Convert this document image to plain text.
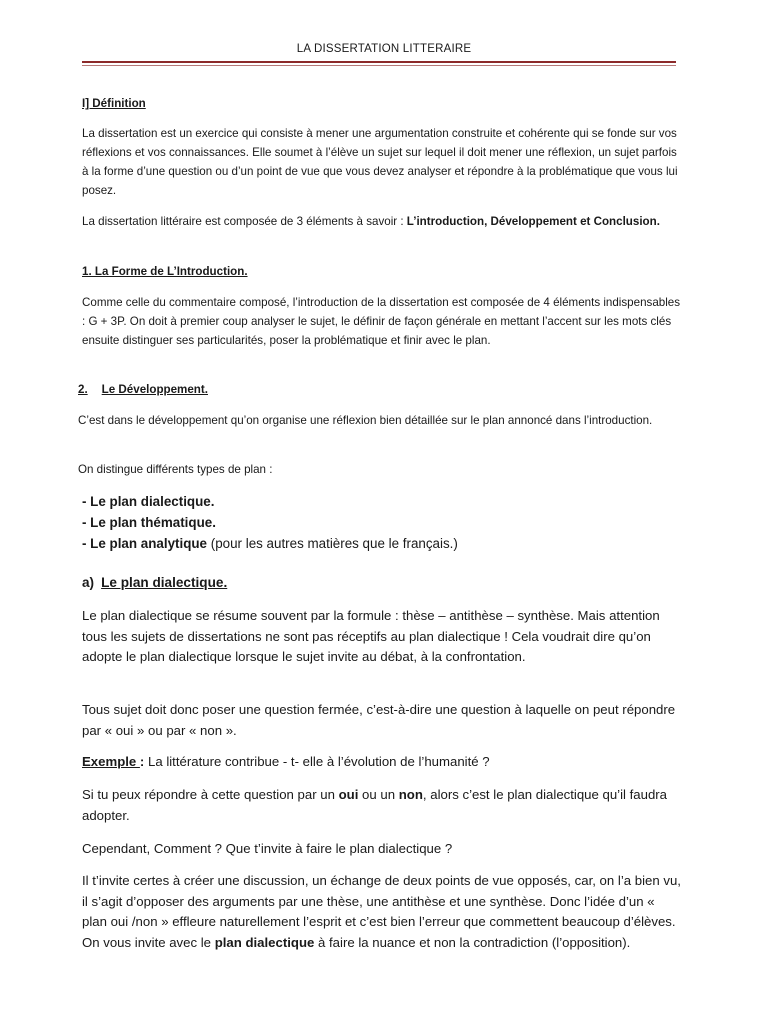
LA DISSERTATION LITTERAIRE

I] Définition

La dissertation est un exercice qui consiste à mener une argumentation construite et cohérente qui se fonde sur vos réflexions et vos connaissances. Elle soumet à l’élève un sujet sur lequel il doit mener une réflexion, un sujet parfois à la forme d’une question ou d’un point de vue que vous devez analyser et répondre à la problématique que vous lui posez.

La dissertation littéraire est composée de 3 éléments à savoir : L’introduction, Développement et Conclusion.

1. La Forme de L’Introduction.

Comme celle du commentaire composé, l’introduction de la dissertation est composée de 4 éléments indispensables : G + 3P. On doit à premier coup analyser le sujet, le définir de façon générale en mettant l’accent sur les mots clés ensuite distinguer ses particularités, poser la problématique et finir avec le plan.

2. Le Développement.

C’est dans le développement qu’on organise une réflexion bien détaillée sur le plan annoncé dans l’introduction.

On distingue différents types de plan :

- Le plan dialectique.
- Le plan thématique.
- Le plan analytique (pour les autres matières que le français.)

a) Le plan dialectique.

Le plan dialectique se résume souvent par la formule : thèse – antithèse – synthèse. Mais attention tous les sujets de dissertations ne sont pas réceptifs au plan dialectique ! Cela voudrait dire qu’on adopte le plan dialectique lorsque le sujet invite au débat, à la confrontation.

Tous sujet doit donc poser une question fermée, c’est-à-dire une question à laquelle on peut répondre par « oui » ou par « non ».

Exemple : La littérature contribue - t- elle à l’évolution de l’humanité ?

Si tu peux répondre à cette question par un oui ou un non, alors c’est le plan dialectique qu’il faudra adopter.

Cependant, Comment ? Que t’invite à faire le plan dialectique ?

Il t’invite certes à créer une discussion, un échange de deux points de vue opposés, car, on l’a bien vu, il s’agit d’opposer des arguments par une thèse, une antithèse et une synthèse. Donc l’idée d’un « plan oui /non » effleure naturellement l’esprit et c’est bien l’erreur que commettent beaucoup d’élèves. On vous invite avec le plan dialectique à faire la nuance et non la contradiction (l’opposition).
